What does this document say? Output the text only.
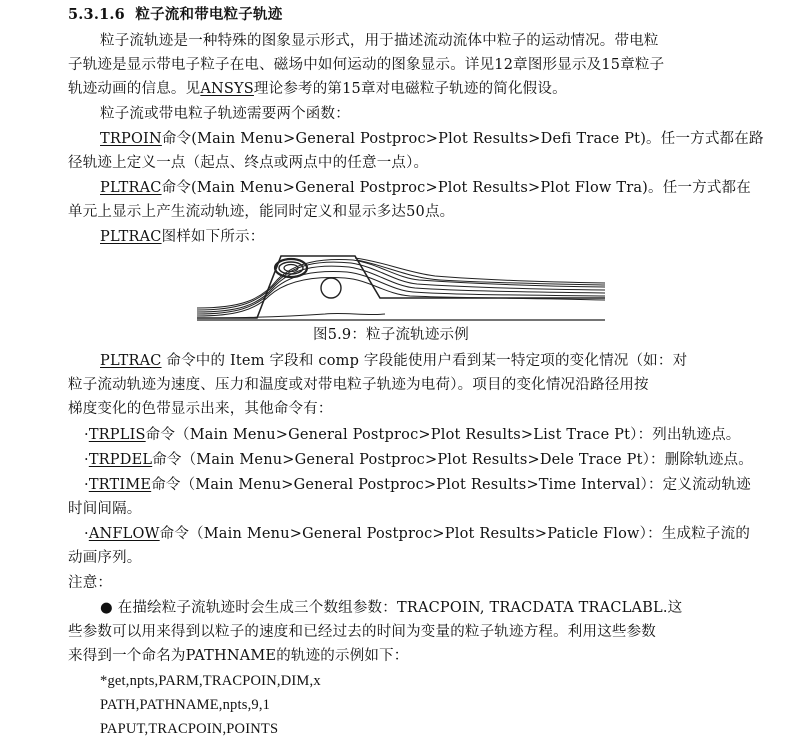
5.3.1.6 粒子流和带电粒子轨迹
粒子流轨迹是一种特殊的图象显示形式，用于描述流动流体中粒子的运动情况。带电粒
子轨迹是显示带电子粒子在电、磁场中如何运动的图象显示。详见12章图形显示及15章粒子
轨迹动画的信息。见ANSYS理论参考的第15章对电磁粒子轨迹的简化假设。
粒子流或带电粒子轨迹需要两个函数：
TRPOIN命令(Main Menu>General Postproc>Plot Results>Defi Trace Pt)。任一方式都在路
径轨迹上定义一点（起点、终点或两点中的任意一点）。
PLTRAC命令(Main Menu>General Postproc>Plot Results>Plot Flow Tra)。任一方式都在
单元上显示上产生流动轨迹，能同时定义和显示多达50点。
PLTRAC图样如下所示：
图5.9：粒子流轨迹示例
PLTRAC 命令中的 Item 字段和 comp 字段能使用户看到某一特定项的变化情况（如：对
粒子流动轨迹为速度、压力和温度或对带电粒子轨迹为电荷）。项目的变化情况沿路径用按
梯度变化的色带显示出来，其他命令有：
·TRPLIS命令（Main Menu>General Postproc>Plot Results>List Trace Pt）：列出轨迹点。
·TRPDEL命令（Main Menu>General Postproc>Plot Results>Dele Trace Pt）：删除轨迹点。
·TRTIME命令（Main Menu>General Postproc>Plot Results>Time Interval）：定义流动轨迹
时间间隔。
·ANFLOW命令（Main Menu>General Postproc>Plot Results>Paticle Flow）：生成粒子流的
动画序列。
注意：
● 在描绘粒子流轨迹时会生成三个数组参数：TRACPOIN, TRACDATA TRACLABL.这
些参数可以用来得到以粒子的速度和已经过去的时间为变量的粒子轨迹方程。利用这些参数
来得到一个命名为PATHNAME的轨迹的示例如下：
*get,npts,PARM,TRACPOIN,DIM,x
PATH,PATHNAME,npts,9,1
PAPUT,TRACPOIN,POINTS
